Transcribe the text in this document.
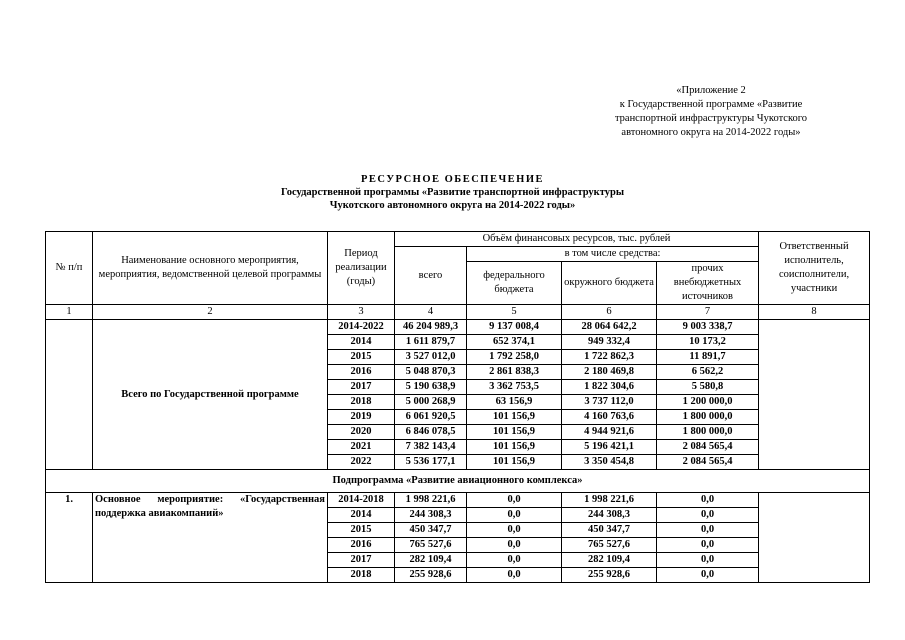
«Приложение 2
к Государственной программе «Развитие
транспортной инфраструктуры Чукотского
автономного округа на 2014-2022 годы»
РЕСУРСНОЕ ОБЕСПЕЧЕНИЕ
Государственной программы «Развитие транспортной инфраструктуры
Чукотского автономного округа на 2014-2022 годы»
№ п/п	Наименование основного мероприятия, мероприятия, ведомственной целевой программы	Период реализации (годы)	Объём финансовых ресурсов, тыс. рублей				Ответственный исполнитель, соисполнители, участники
			всего	в том числе средства:			
				федерального бюджета	окружного бюджета	прочих внебюджетных источников	
1	2	3	4	5	6	7	8
	Всего по Государственной программе	2014-2022	46 204 989,3	9 137 008,4	28 064 642,2	9 003 338,7	
		2014	1 611 879,7	652 374,1	949 332,4	10 173,2	
		2015	3 527 012,0	1 792 258,0	1 722 862,3	11 891,7	
		2016	5 048 870,3	2 861 838,3	2 180 469,8	6 562,2	
		2017	5 190 638,9	3 362 753,5	1 822 304,6	5 580,8	
		2018	5 000 268,9	63 156,9	3 737 112,0	1 200 000,0	
		2019	6 061 920,5	101 156,9	4 160 763,6	1 800 000,0	
		2020	6 846 078,5	101 156,9	4 944 921,6	1 800 000,0	
		2021	7 382 143,4	101 156,9	5 196 421,1	2 084 565,4	
		2022	5 536 177,1	101 156,9	3 350 454,8	2 084 565,4	
Подпрограмма «Развитие авиационного комплекса»							
1.	Основное мероприятие: «Государственная поддержка авиакомпаний»	2014-2018	1 998 221,6	0,0	1 998 221,6	0,0	
		2014	244 308,3	0,0	244 308,3	0,0	
		2015	450 347,7	0,0	450 347,7	0,0	
		2016	765 527,6	0,0	765 527,6	0,0	
		2017	282 109,4	0,0	282 109,4	0,0	
		2018	255 928,6	0,0	255 928,6	0,0	
